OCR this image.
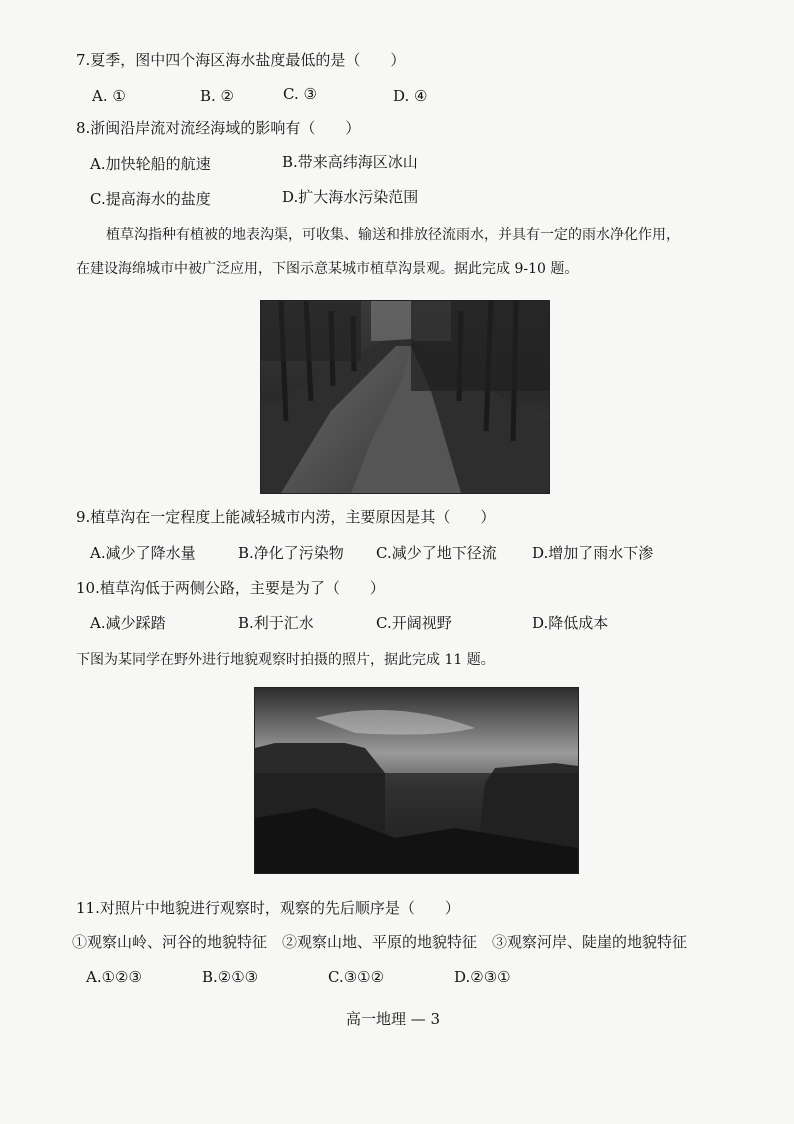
7.夏季，图中四个海区海水盐度最低的是（　　）
A. ①	B. ②	C. ③	D. ④
8.浙闽沿岸流对流经海域的影响有（　　）
A.加快轮船的航速	B.带来高纬海区冰山
C.提高海水的盐度	D.扩大海水污染范围
植草沟指种有植被的地表沟渠，可收集、输送和排放径流雨水，并具有一定的雨水净化作用，
在建设海绵城市中被广泛应用，下图示意某城市植草沟景观。据此完成 9-10 题。
9.植草沟在一定程度上能减轻城市内涝，主要原因是其（　　）
A.减少了降水量	B.净化了污染物 C.减少了地下径流 D.增加了雨水下渗
10.植草沟低于两侧公路，主要是为了（　　）
A.减少踩踏	B.利于汇水	C.开阔视野	D.降低成本
下图为某同学在野外进行地貌观察时拍摄的照片，据此完成 11 题。
11.对照片中地貌进行观察时，观察的先后顺序是（　　）
①观察山岭、河谷的地貌特征　②观察山地、平原的地貌特征　③观察河岸、陡崖的地貌特征
A.①②③	B.②①③	C.③①②	D.②③①
高一地理 — 3
